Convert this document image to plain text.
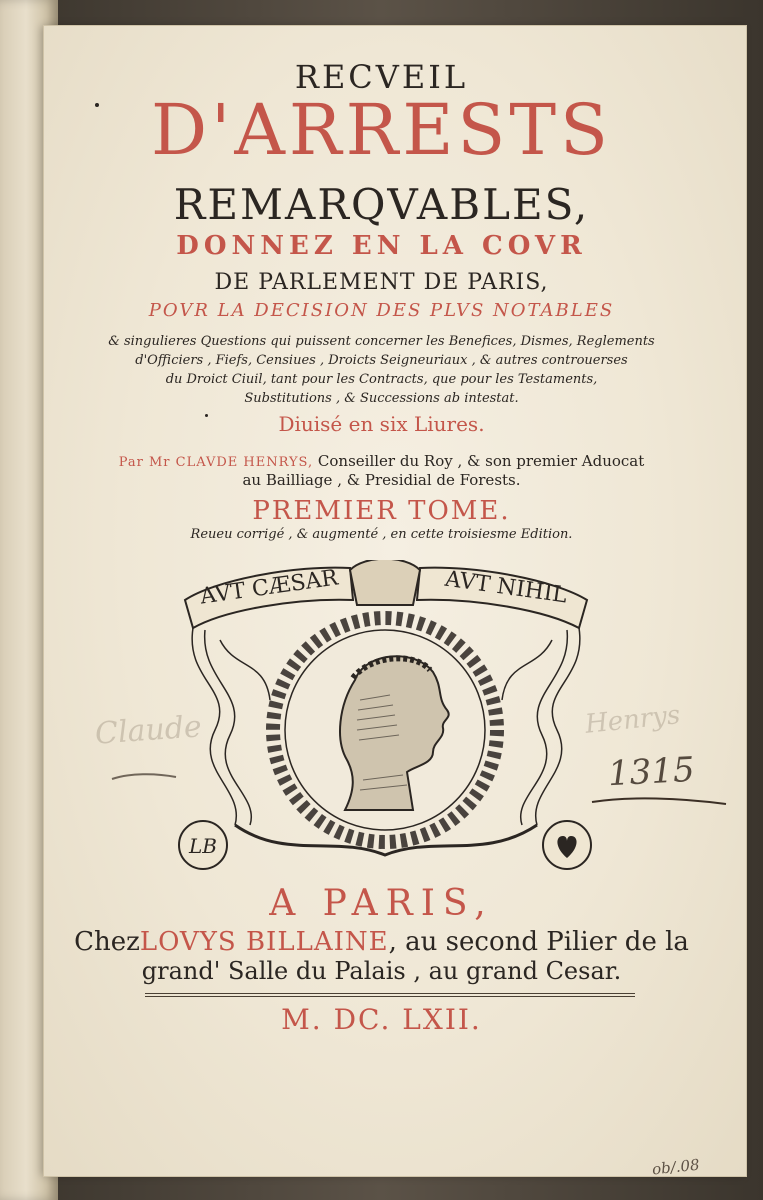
RECVEIL
D'ARRESTS
REMARQVABLES,
DONNEZ EN LA COVR
DE PARLEMENT DE PARIS,
POVR LA DECISION DES PLVS NOTABLES
& singulieres Questions qui puissent concerner les Benefices, Dismes, Reglements
d'Officiers , Fiefs, Censiues , Droicts Seigneuriaux , & autres controuerses
du Droict Ciuil, tant pour les Contracts, que pour les Testaments,
Substitutions , & Successions ab intestat.
Diuisé en six Liures.
Par Mr CLAVDE HENRYS, Conseiller du Roy , & son premier Aduocat
au Bailliage , & Presidial de Forests.
PREMIER TOME.
Reueu corrigé , & augmenté , en cette troisiesme Edition.
AVT CÆSAR	AVT NIHIL
LB
Claude	Henrys
1315
A PARIS,
ChezLOVYS BILLAINE, au second Pilier de la
grand' Salle du Palais , au grand Cesar.
M. DC. LXII.
ob/.08
